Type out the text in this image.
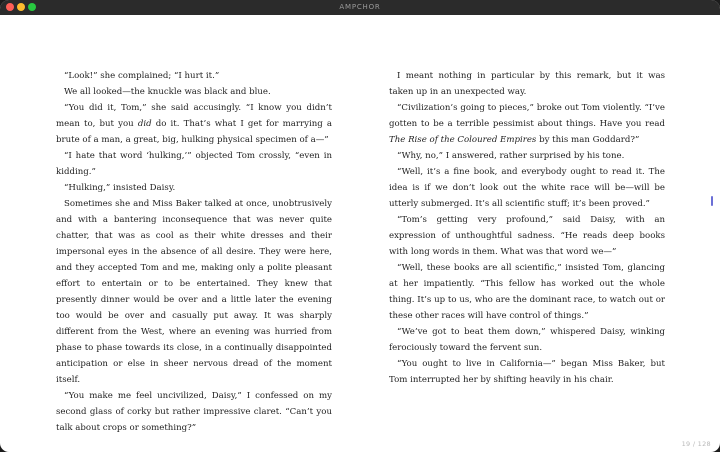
AMPCHOR

“Look!” she complained; “I hurt it.”

We all looked—the knuckle was black and blue.

“You did it, Tom,” she said accusingly. “I know you didn’t mean to, but you did do it. That’s what I get for marrying a brute of a man, a great, big, hulking physical specimen of a—”

“I hate that word ‘hulking,’” objected Tom crossly, “even in kidding.”

“Hulking,” insisted Daisy.

Sometimes she and Miss Baker talked at once, unobtrusively and with a bantering inconsequence that was never quite chatter, that was as cool as their white dresses and their impersonal eyes in the absence of all desire. They were here, and they accepted Tom and me, making only a polite pleasant effort to entertain or to be entertained. They knew that presently dinner would be over and a little later the evening too would be over and casually put away. It was sharply different from the West, where an evening was hurried from phase to phase towards its close, in a continually disappointed anticipation or else in sheer nervous dread of the moment itself.

“You make me feel uncivilized, Daisy,” I confessed on my second glass of corky but rather impressive claret. “Can’t you talk about crops or something?”

I meant nothing in particular by this remark, but it was taken up in an unexpected way.

“Civilization’s going to pieces,” broke out Tom violently. “I’ve gotten to be a terrible pessimist about things. Have you read The Rise of the Coloured Empires by this man Goddard?”

“Why, no,” I answered, rather surprised by his tone.

“Well, it’s a fine book, and everybody ought to read it. The idea is if we don’t look out the white race will be—will be utterly submerged. It’s all scientific stuff; it’s been proved.”

“Tom’s getting very profound,” said Daisy, with an expression of unthoughtful sadness. “He reads deep books with long words in them. What was that word we—”

“Well, these books are all scientific,” insisted Tom, glancing at her impatiently. “This fellow has worked out the whole thing. It’s up to us, who are the dominant race, to watch out or these other races will have control of things.”

“We’ve got to beat them down,” whispered Daisy, winking ferociously toward the fervent sun.

“You ought to live in California—” began Miss Baker, but Tom interrupted her by shifting heavily in his chair.

19 / 128
